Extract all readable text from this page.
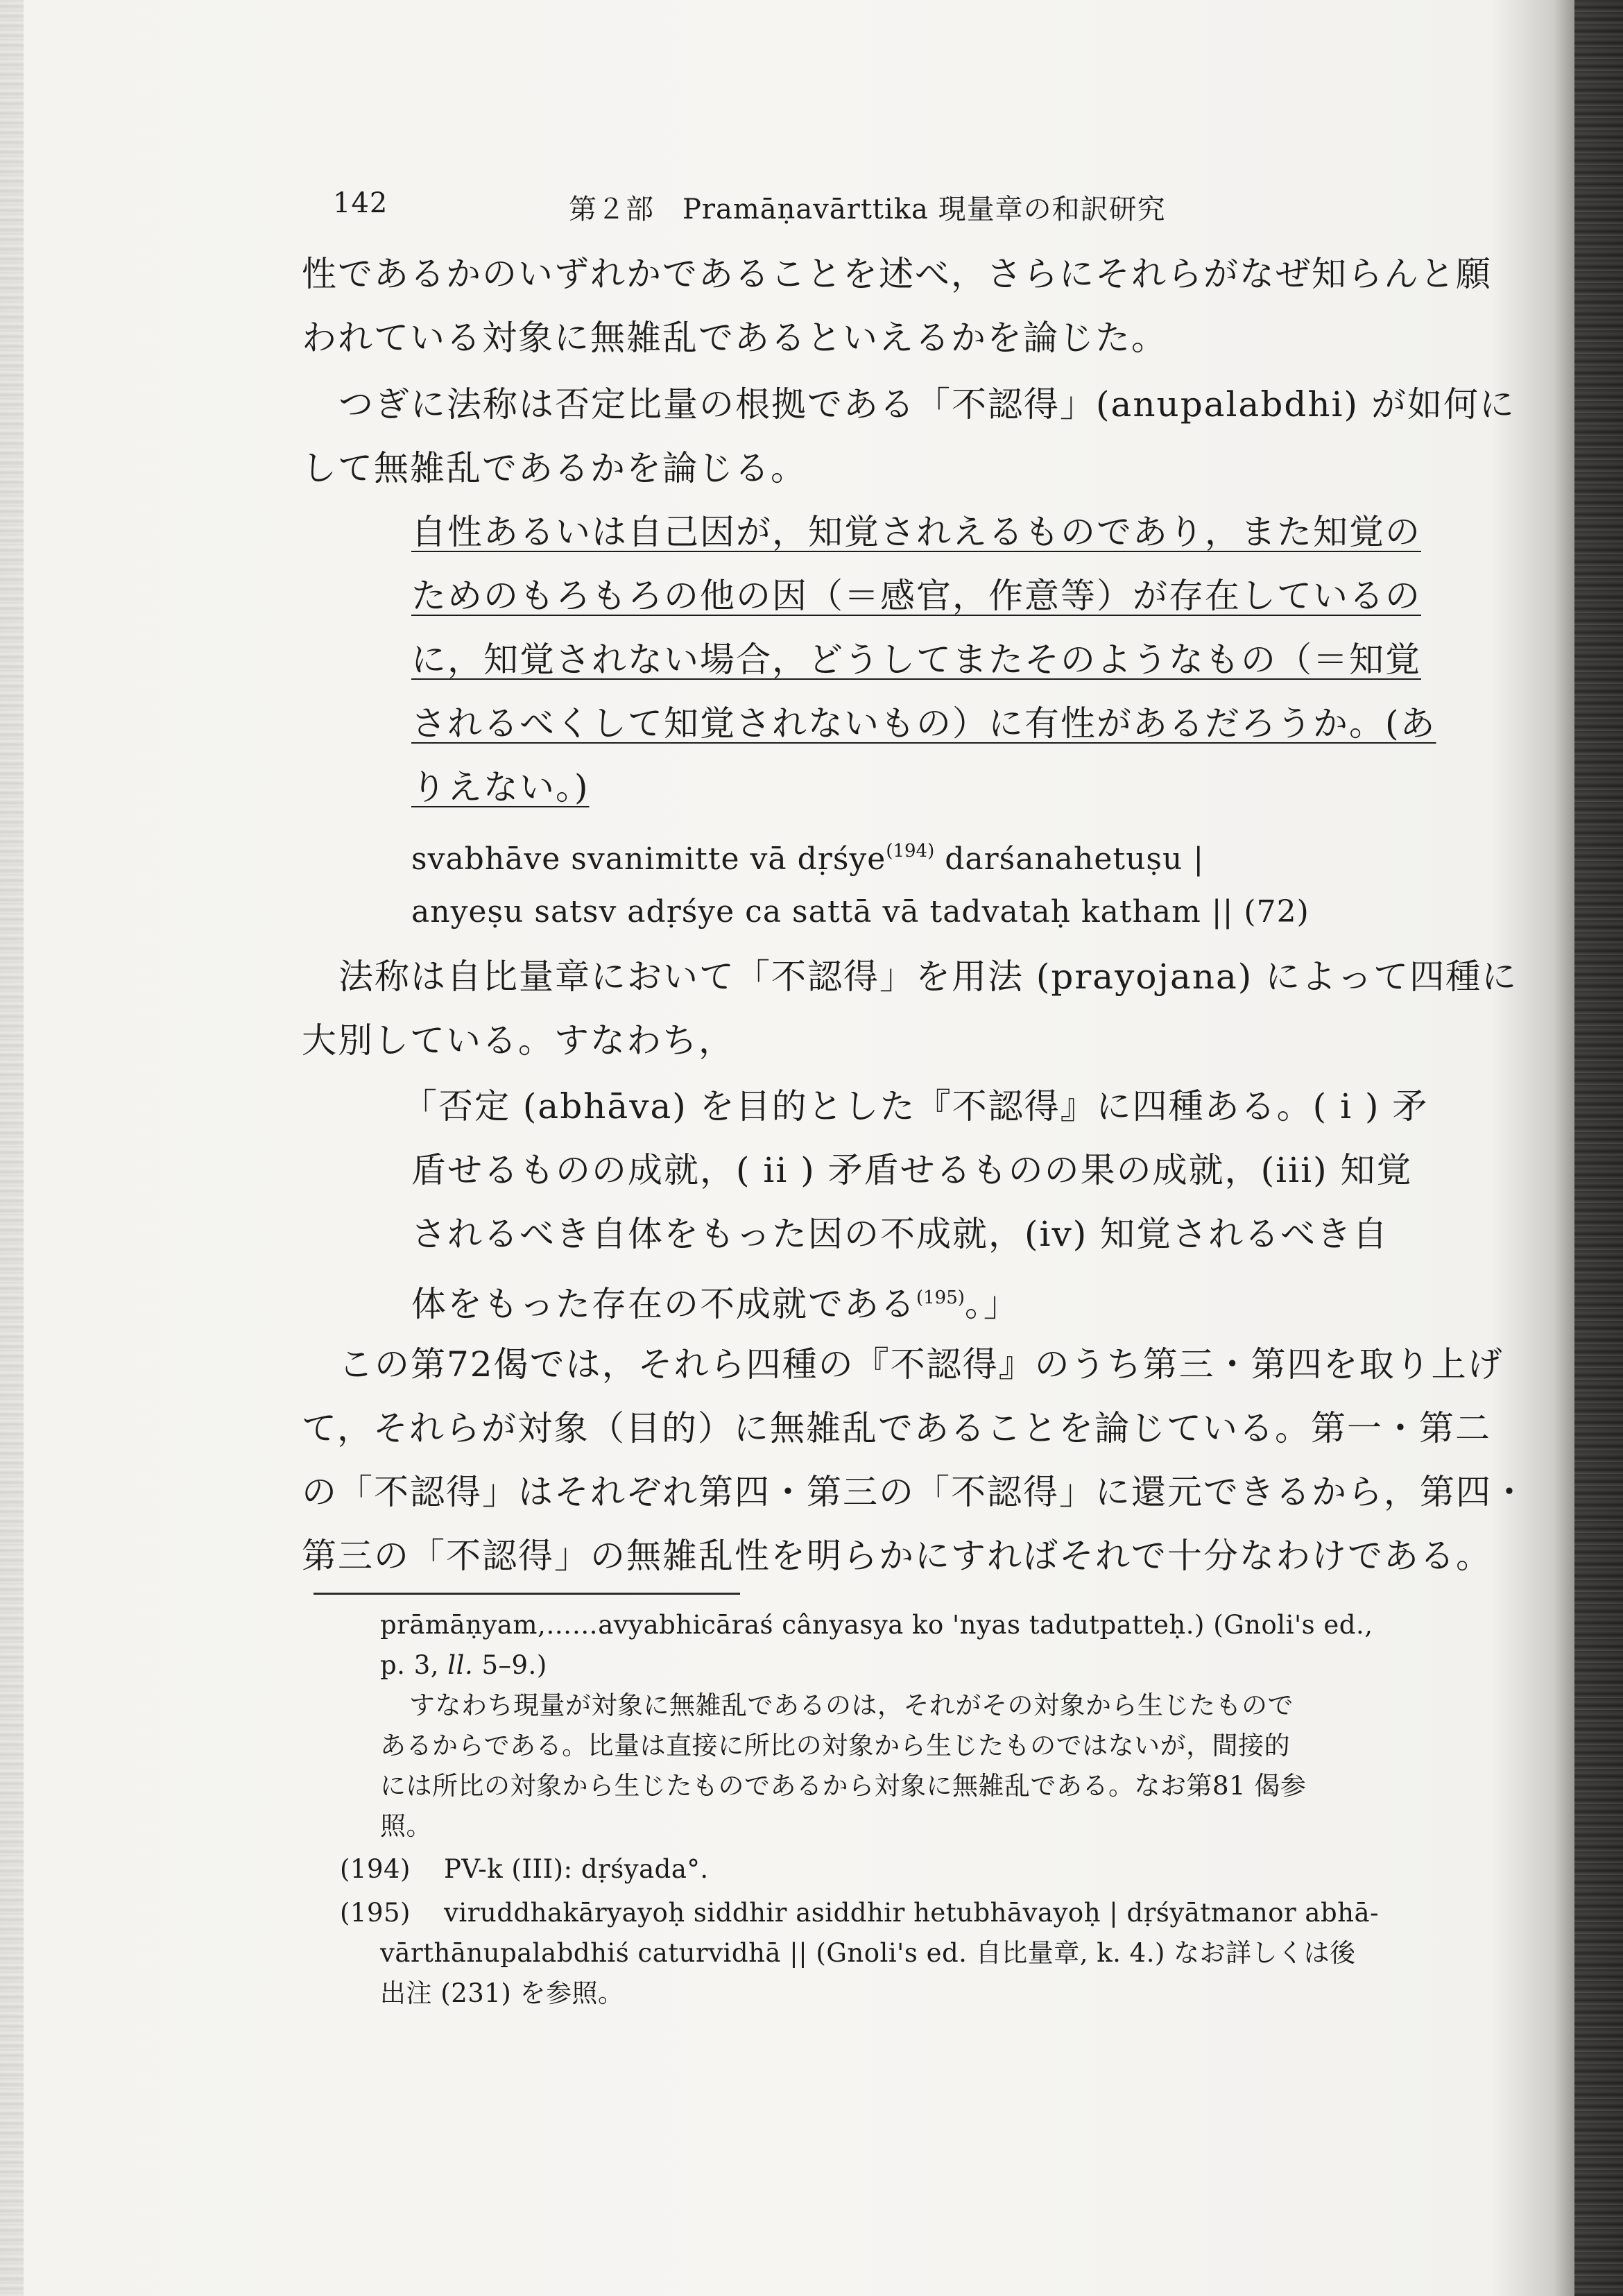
142	第２部　Pramāṇavārttika 現量章の和訳研究
性であるかのいずれかであることを述べ，さらにそれらがなぜ知らんと願
われている対象に無雑乱であるといえるかを論じた。
つぎに法称は否定比量の根拠である「不認得」(anupalabdhi) が如何に
して無雑乱であるかを論じる。
自性あるいは自己因が，知覚されえるものであり，また知覚の
ためのもろもろの他の因（＝感官，作意等）が存在しているの
に，知覚されない場合，どうしてまたそのようなもの（＝知覚
されるべくして知覚されないもの）に有性があるだろうか。(あ
りえない。)
svabhāve svanimitte vā dṛśye$^{(194)}$ darśanahetuṣu |
anyeṣu satsv adṛśye ca sattā vā tadvataḥ katham || (72)
法称は自比量章において「不認得」を用法 (prayojana) によって四種に
大別している。すなわち，
「否定 (abhāva) を目的とした『不認得』に四種ある。( i ) 矛
盾せるものの成就，( ii ) 矛盾せるものの果の成就，(iii) 知覚
されるべき自体をもった因の不成就，(iv) 知覚されるべき自
体をもった存在の不成就である$^{(195)}$。」
この第72偈では，それら四種の『不認得』のうち第三・第四を取り上げ
て，それらが対象（目的）に無雑乱であることを論じている。第一・第二
の「不認得」はそれぞれ第四・第三の「不認得」に還元できるから，第四・
第三の「不認得」の無雑乱性を明らかにすればそれで十分なわけである。
prāmāṇyam,……avyabhicāraś cânyasya ko 'nyas tadutpatteḥ.) (Gnoli's ed.,
p. 3, ll. 5–9.)
すなわち現量が対象に無雑乱であるのは，それがその対象から生じたもので
あるからである。比量は直接に所比の対象から生じたものではないが，間接的
には所比の対象から生じたものであるから対象に無雑乱である。なお第81 偈参
照。
(194) PV-k (III): dṛśyada°.
(195) viruddhakāryayoḥ siddhir asiddhir hetubhāvayoḥ | dṛśyātmanor abhā-
vārthānupalabdhiś caturvidhā || (Gnoli's ed. 自比量章, k. 4.) なお詳しくは後
出注 (231) を参照。
